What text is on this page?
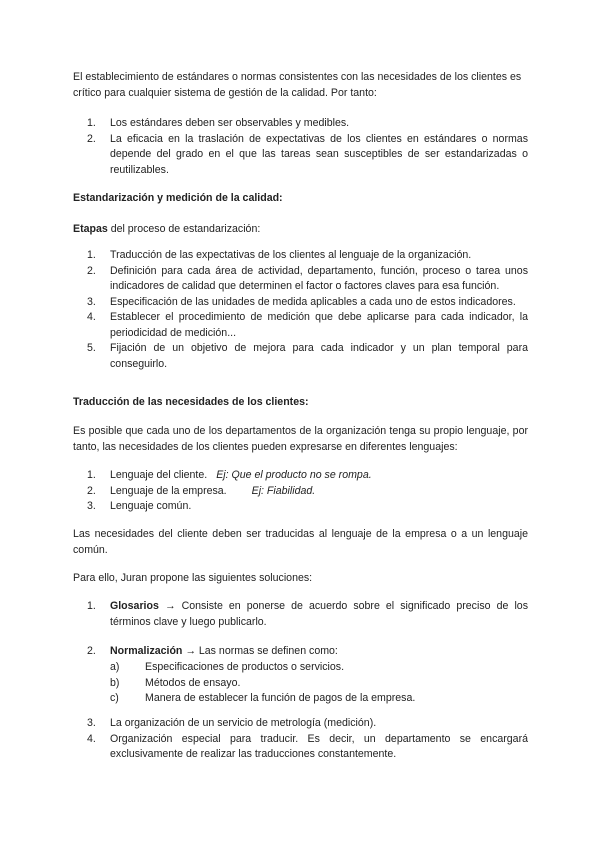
El establecimiento de estándares o normas consistentes con las necesidades de los clientes es crítico para cualquier sistema de gestión de la calidad. Por tanto:
1. Los estándares deben ser observables y medibles.
2. La eficacia en la traslación de expectativas de los clientes en estándares o normas depende del grado en el que las tareas sean susceptibles de ser estandarizadas o reutilizables.
Estandarización y medición de la calidad:
Etapas del proceso de estandarización:
1. Traducción de las expectativas de los clientes al lenguaje de la organización.
2. Definición para cada área de actividad, departamento, función, proceso o tarea unos indicadores de calidad que determinen el factor o factores claves para esa función.
3. Especificación de las unidades de medida aplicables a cada uno de estos indicadores.
4. Establecer el procedimiento de medición que debe aplicarse para cada indicador, la periodicidad de medición...
5. Fijación de un objetivo de mejora para cada indicador y un plan temporal para conseguirlo.
Traducción de las necesidades de los clientes:
Es posible que cada uno de los departamentos de la organización tenga su propio lenguaje, por tanto, las necesidades de los clientes pueden expresarse en diferentes lenguajes:
1. Lenguaje del cliente. Ej: Que el producto no se rompa.
2. Lenguaje de la empresa. Ej: Fiabilidad.
3. Lenguaje común.
Las necesidades del cliente deben ser traducidas al lenguaje de la empresa o a un lenguaje común.
Para ello, Juran propone las siguientes soluciones:
1. Glosarios → Consiste en ponerse de acuerdo sobre el significado preciso de los términos clave y luego publicarlo.
2. Normalización → Las normas se definen como:
a) Especificaciones de productos o servicios.
b) Métodos de ensayo.
c) Manera de establecer la función de pagos de la empresa.
3. La organización de un servicio de metrología (medición).
4. Organización especial para traducir. Es decir, un departamento se encargará exclusivamente de realizar las traducciones constantemente.
